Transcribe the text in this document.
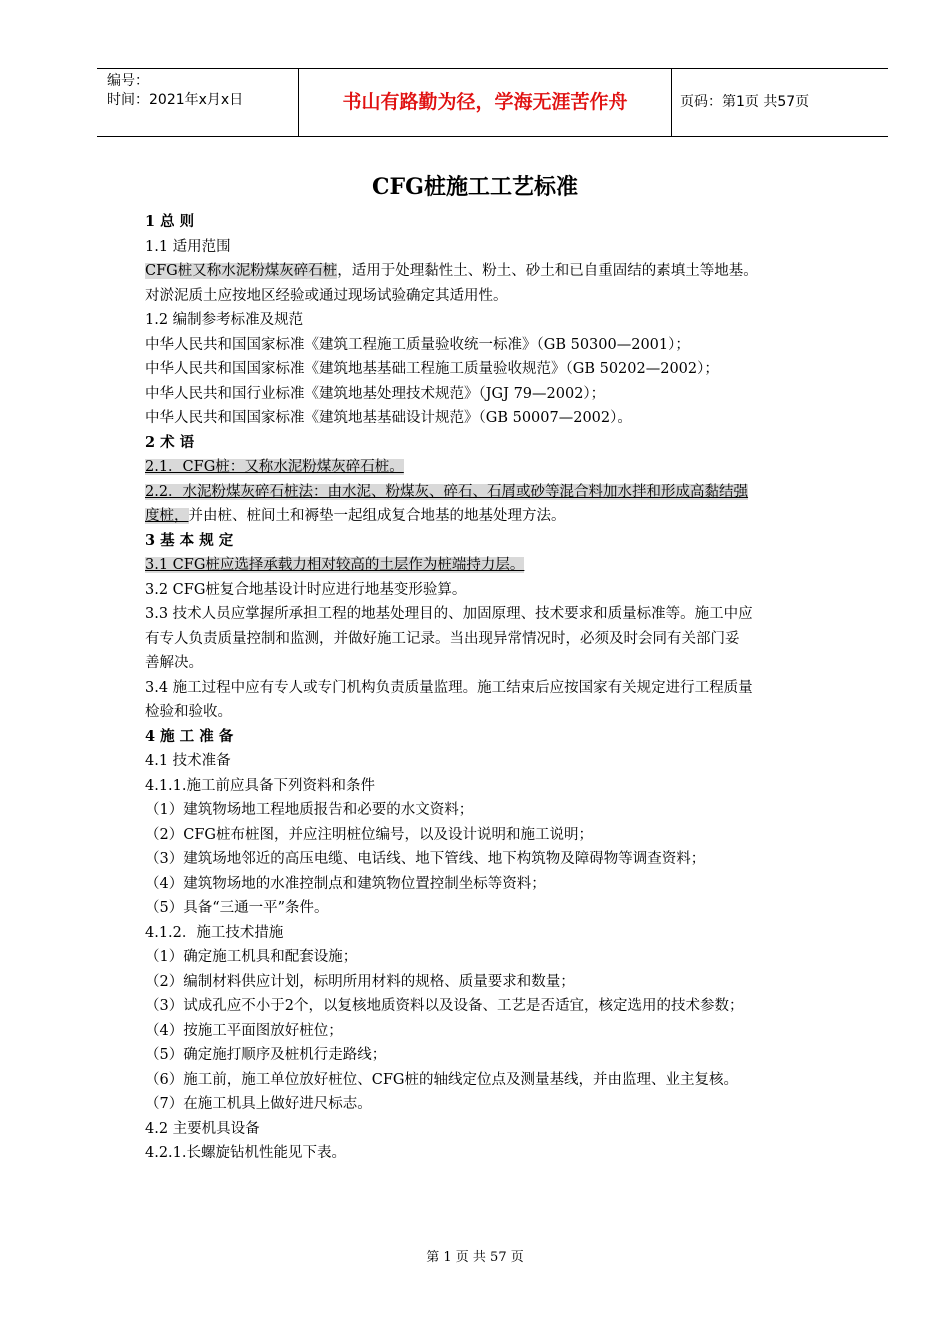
编号：
时间：2021年x月x日	书山有路勤为径，学海无涯苦作舟	页码：第1页 共57页
CFG桩施工工艺标准
1 总 则
1.1 适用范围
CFG桩又称水泥粉煤灰碎石桩，适用于处理黏性土、粉土、砂土和已自重固结的素填土等地基。
对淤泥质土应按地区经验或通过现场试验确定其适用性。
1.2 编制参考标准及规范
中华人民共和国国家标准《建筑工程施工质量验收统一标准》（GB 50300—2001）；
中华人民共和国国家标准《建筑地基基础工程施工质量验收规范》（GB 50202—2002）；
中华人民共和国行业标准《建筑地基处理技术规范》（JGJ 79—2002）；
中华人民共和国国家标准《建筑地基基础设计规范》（GB 50007—2002）。
2 术 语
2.1．CFG桩：又称水泥粉煤灰碎石桩。
2.2．水泥粉煤灰碎石桩法：由水泥、粉煤灰、碎石、石屑或砂等混合料加水拌和形成高黏结强
度桩，并由桩、桩间土和褥垫一起组成复合地基的地基处理方法。
3 基 本 规 定
3.1 CFG桩应选择承载力相对较高的土层作为桩端持力层。
3.2 CFG桩复合地基设计时应进行地基变形验算。
3.3 技术人员应掌握所承担工程的地基处理目的、加固原理、技术要求和质量标准等。施工中应
有专人负责质量控制和监测，并做好施工记录。当出现异常情况时，必须及时会同有关部门妥
善解决。
3.4 施工过程中应有专人或专门机构负责质量监理。施工结束后应按国家有关规定进行工程质量
检验和验收。
4 施 工 准 备
4.1 技术准备
4.1.1.施工前应具备下列资料和条件
（1）建筑物场地工程地质报告和必要的水文资料；
（2）CFG桩布桩图，并应注明桩位编号，以及设计说明和施工说明；
（3）建筑场地邻近的高压电缆、电话线、地下管线、地下构筑物及障碍物等调查资料；
（4）建筑物场地的水准控制点和建筑物位置控制坐标等资料；
（5）具备“三通一平”条件。
4.1.2．施工技术措施
（1）确定施工机具和配套设施；
（2）编制材料供应计划，标明所用材料的规格、质量要求和数量；
（3）试成孔应不小于2个，以复核地质资料以及设备、工艺是否适宜，核定选用的技术参数；
（4）按施工平面图放好桩位；
（5）确定施打顺序及桩机行走路线；
（6）施工前，施工单位放好桩位、CFG桩的轴线定位点及测量基线，并由监理、业主复核。
（7）在施工机具上做好进尺标志。
4.2 主要机具设备
4.2.1.长螺旋钻机性能见下表。
第 1 页 共 57 页
